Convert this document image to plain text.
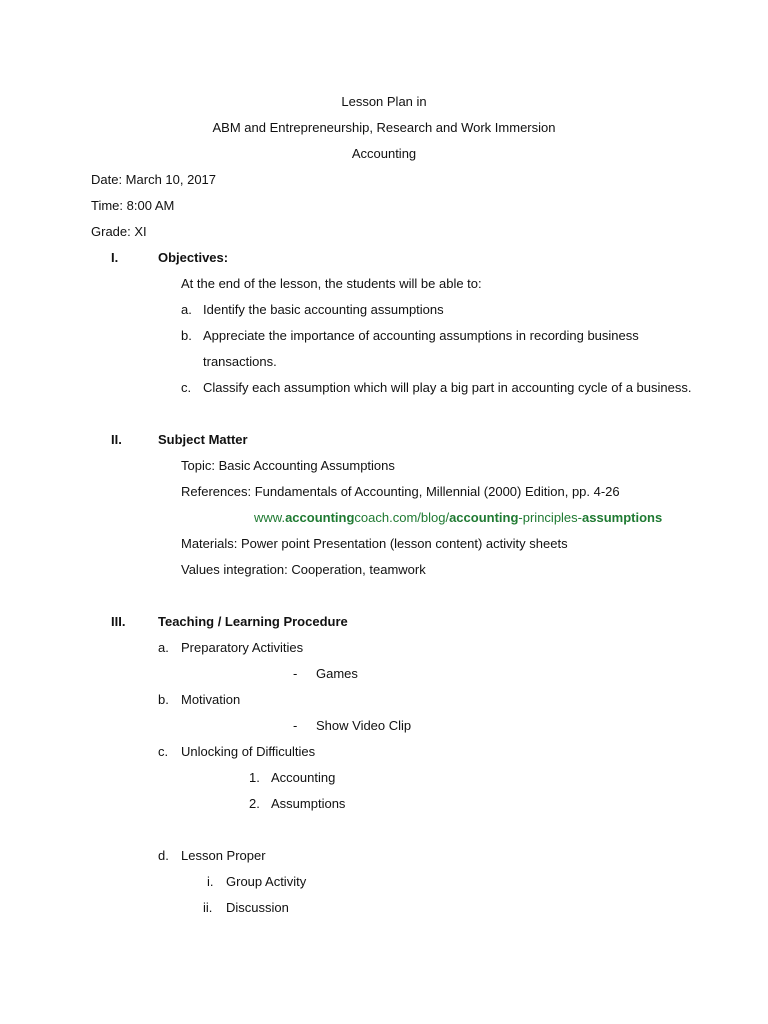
Lesson Plan in
ABM and Entrepreneurship, Research and Work Immersion
Accounting
Date: March 10, 2017
Time: 8:00 AM
Grade: XI
I.	Objectives:
At the end of the lesson, the students will be able to:
a. Identify the basic accounting assumptions
b. Appreciate the importance of accounting assumptions in recording business
transactions.
c. Classify each assumption which will play a big part in accounting cycle of a business.
II.	Subject Matter
Topic: Basic Accounting Assumptions
References: Fundamentals of Accounting, Millennial (2000) Edition, pp. 4-26
www.accountingcoach.com/blog/accounting-principles-assumptions
Materials: Power point Presentation (lesson content) activity sheets
Values integration: Cooperation, teamwork
III.	Teaching / Learning Procedure
a. Preparatory Activities
- Games
b. Motivation
- Show Video Clip
c. Unlocking of Difficulties
1. Accounting
2. Assumptions
d. Lesson Proper
i. Group Activity
ii. Discussion
